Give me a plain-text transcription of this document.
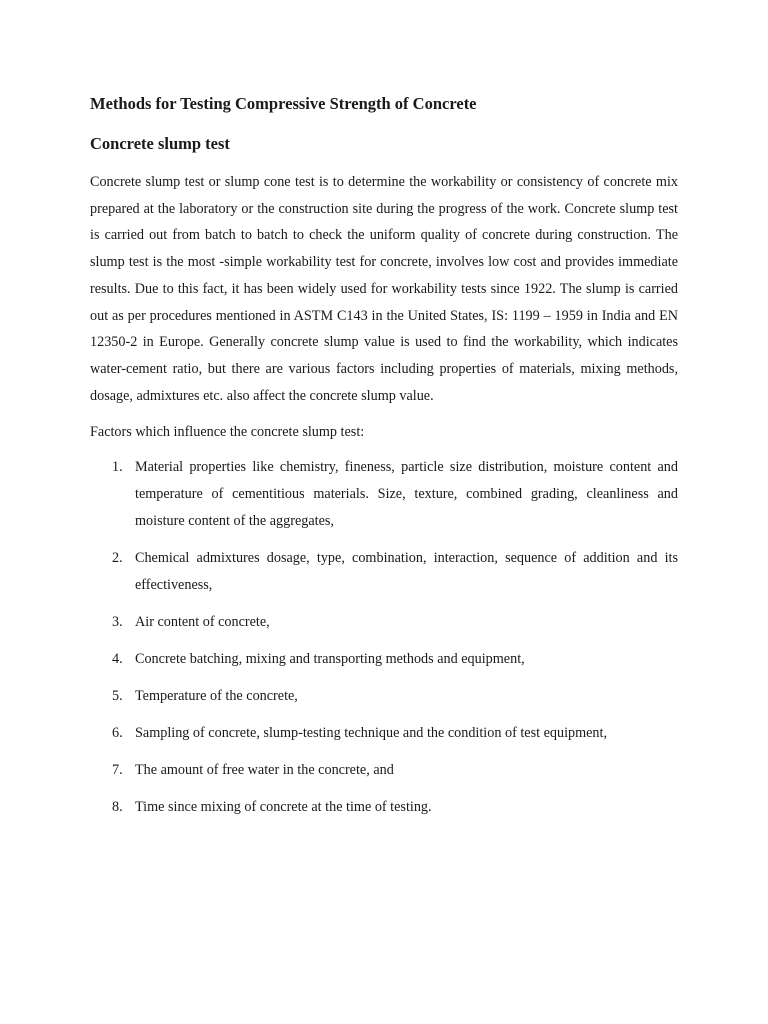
Methods for Testing Compressive Strength of Concrete
Concrete slump test

Concrete slump test or slump cone test is to determine the workability or consistency of concrete mix prepared at the laboratory or the construction site during the progress of the work. Concrete slump test is carried out from batch to batch to check the uniform quality of concrete during construction. The slump test is the most -simple workability test for concrete, involves low cost and provides immediate results. Due to this fact, it has been widely used for workability tests since 1922. The slump is carried out as per procedures mentioned in ASTM C143 in the United States, IS: 1199 – 1959 in India and EN 12350-2 in Europe. Generally concrete slump value is used to find the workability, which indicates water-cement ratio, but there are various factors including properties of materials, mixing methods, dosage, admixtures etc. also affect the concrete slump value.

Factors which influence the concrete slump test:

1. Material properties like chemistry, fineness, particle size distribution, moisture content and temperature of cementitious materials. Size, texture, combined grading, cleanliness and moisture content of the aggregates,
2. Chemical admixtures dosage, type, combination, interaction, sequence of addition and its effectiveness,
3. Air content of concrete,
4. Concrete batching, mixing and transporting methods and equipment,
5. Temperature of the concrete,
6. Sampling of concrete, slump-testing technique and the condition of test equipment,
7. The amount of free water in the concrete, and
8. Time since mixing of concrete at the time of testing.
